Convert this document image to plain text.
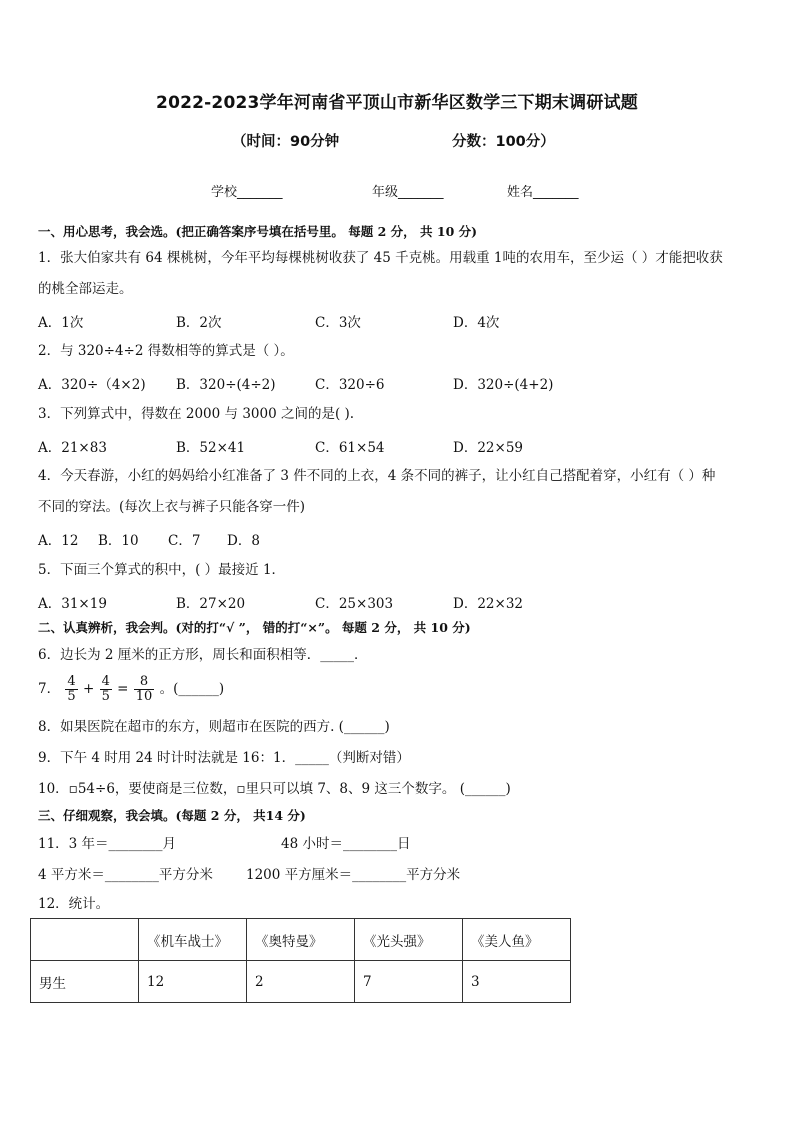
2022-2023学年河南省平顶山市新华区数学三下期末调研试题
（时间：90分钟	分数：100分）
学校_______	年级_______	姓名_______
一、用心思考，我会选。(把正确答案序号填在括号里。 每题 2 分， 共 10 分)
1．张大伯家共有 64 棵桃树，今年平均每棵桃树收获了 45 千克桃。用载重 1吨的农用车，至少运（ ）才能把收获
的桃全部运走。
A．1次	B．2次	C．3次	D．4次
2．与 320÷4÷2 得数相等的算式是（ ）。
A．320÷（4×2) B．320÷(4÷2)	C．320÷6	D．320÷(4+2)
3．下列算式中，得数在 2000 与 3000 之间的是( ).
A．21×83	B．52×41	C．61×54	D．22×59
4．今天春游，小红的妈妈给小红准备了 3 件不同的上衣，4 条不同的裤子，让小红自己搭配着穿，小红有（ ）种
不同的穿法。(每次上衣与裤子只能各穿一件)
A．12 B．10 C．7 D．8
5．下面三个算式的积中，( ）最接近 1．
A．31×19	B．27×20	C．25×303	D．22×32
二、认真辨析，我会判。(对的打“√ ”， 错的打“×”。 每题 2 分， 共 10 分)
6．边长为 2 厘米的正方形，周长和面积相等．_____．
7． $\frac{4}{5} + \frac{4}{5} = \frac{8}{10}$ 。(______)
8．如果医院在超市的东方，则超市在医院的西方. (______)
9．下午 4 时用 24 时计时法就是 16：1．_____（判断对错）
10．▫54÷6，要使商是三位数，▫里只可以填 7、8、9 这三个数字。 (______)
三、仔细观察，我会填。(每题 2 分， 共14 分)
11．3 年＝________月	48 小时＝________日
4 平方米＝________平方分米 1200 平方厘米＝________平方分米
12．统计。
	《机车战士》	《奥特曼》	《光头强》	《美人鱼》
男生	12	2	7	3
